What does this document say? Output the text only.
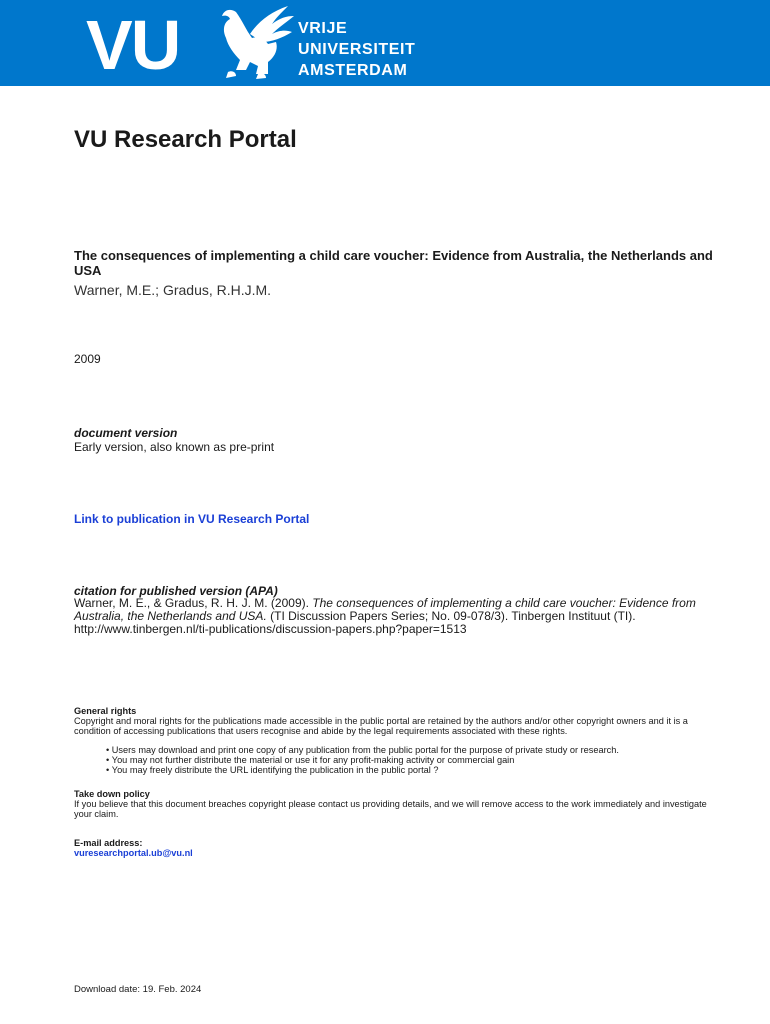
VU	VRIJE
UNIVERSITEIT
AMSTERDAM
VU Research Portal
The consequences of implementing a child care voucher: Evidence from Australia, the Netherlands and USA
Warner, M.E.; Gradus, R.H.J.M.
2009
document version
Early version, also known as pre-print
Link to publication in VU Research Portal
citation for published version (APA)
Warner, M. E., & Gradus, R. H. J. M. (2009). The consequences of implementing a child care voucher: Evidence from Australia, the Netherlands and USA. (TI Discussion Papers Series; No. 09-078/3). Tinbergen Instituut (TI). http://www.tinbergen.nl/ti-publications/discussion-papers.php?paper=1513
General rights
Copyright and moral rights for the publications made accessible in the public portal are retained by the authors and/or other copyright owners and it is a condition of accessing publications that users recognise and abide by the legal requirements associated with these rights.
• Users may download and print one copy of any publication from the public portal for the purpose of private study or research.
• You may not further distribute the material or use it for any profit-making activity or commercial gain
• You may freely distribute the URL identifying the publication in the public portal ?
Take down policy
If you believe that this document breaches copyright please contact us providing details, and we will remove access to the work immediately and investigate your claim.
E-mail address:
vuresearchportal.ub@vu.nl
Download date: 19. Feb. 2024
